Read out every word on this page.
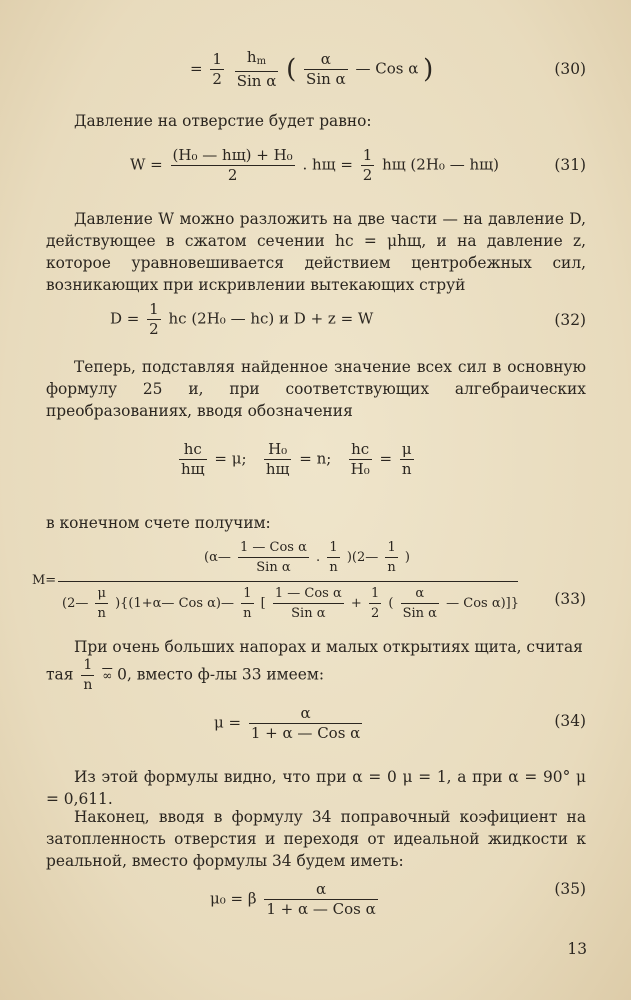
= $\frac{1}{2}$
	$h_m$
Sin α (	α
Sin α
— Cos α )	(30)
Давление на отверстие будет равно:
W =
(H₀ — hщ) + H₀
2
. hщ = $\frac{1}{2}$ hщ (2H₀ — hщ)	(31)
Давление W можно разложить на две части — на давление D, действующее в сжатом сечении hc = μhщ, и на давление z, которое уравновешивается действием центробежных сил, возникающих при искривлении вытекающих струй
$D = \frac{1}{2}$ hc (2H₀ — hc) и D + z = W	(32)
Теперь, подставляя найденное значение всех сил в основную формулу 25 и, при соответствующих алгебраических преобразованиях, вводя обозначения
hc
hщ
= μ;
H₀
hщ
= n; $\frac{hc}{\text{H₀}} = \frac{\mu}{n}$
в конечном счете получим:
M=
(α—
1 — Cos α
Sin α
. $\frac{1}{n}$ )(2— $\frac{1}{n}$ )
(2— $\frac{\mu}{n}$ ){(1+α— Cos α)— $\frac{1}{n}$ [
1 — Cos α
Sin α
+ $\frac{1}{2}$ (
α
Sin α
— Cos α)]} (33)
При очень больших напорах и малых открытиях щита, считая
тая $\frac{1}{n}$ ∞ 0, вместо ф-лы 33 имеем:
μ =
α
1 + α — Cos α
(34)
Из этой формулы видно, что при α = 0 μ = 1, а при α = 90° μ = 0,611.
Наконец, вводя в формулу 34 поправочный коэфициент на затопленность отверстия и переходя от идеальной жидкости к реальной, вместо формулы 34 будем иметь:
μ₀ = β
α
1 + α — Cos α
(35)
13
